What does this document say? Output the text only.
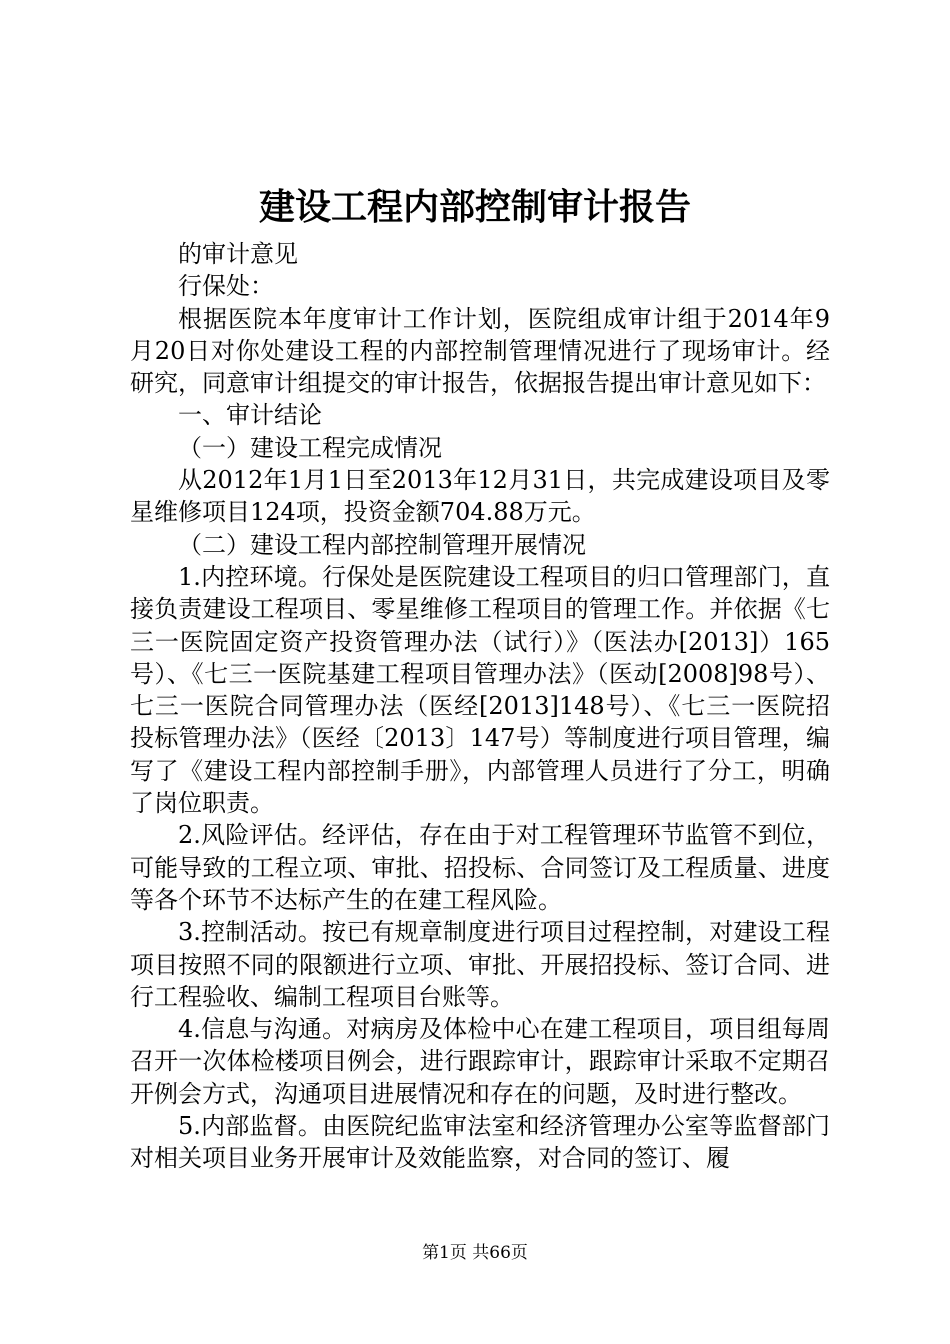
建设工程内部控制审计报告

的审计意见

行保处：

根据医院本年度审计工作计划，医院组成审计组于2014年9月20日对你处建设工程的内部控制管理情况进行了现场审计。经研究，同意审计组提交的审计报告，依据报告提出审计意见如下：

一、审计结论

（一）建设工程完成情况

从2012年1月1日至2013年12月31日，共完成建设项目及零星维修项目124项，投资金额704.88万元。

（二）建设工程内部控制管理开展情况

1.内控环境。行保处是医院建设工程项目的归口管理部门，直接负责建设工程项目、零星维修工程项目的管理工作。并依据《七三一医院固定资产投资管理办法（试行）》（医法办[2013]）165号）、《七三一医院基建工程项目管理办法》（医动[2008]98号）、七三一医院合同管理办法（医经[2013]148号）、《七三一医院招投标管理办法》（医经〔2013〕147号）等制度进行项目管理，编写了《建设工程内部控制手册》，内部管理人员进行了分工，明确了岗位职责。

2.风险评估。经评估，存在由于对工程管理环节监管不到位，可能导致的工程立项、审批、招投标、合同签订及工程质量、进度等各个环节不达标产生的在建工程风险。

3.控制活动。按已有规章制度进行项目过程控制，对建设工程项目按照不同的限额进行立项、审批、开展招投标、签订合同、进行工程验收、编制工程项目台账等。

4.信息与沟通。对病房及体检中心在建工程项目，项目组每周召开一次体检楼项目例会，进行跟踪审计，跟踪审计采取不定期召开例会方式，沟通项目进展情况和存在的问题，及时进行整改。

5.内部监督。由医院纪监审法室和经济管理办公室等监督部门对相关项目业务开展审计及效能监察，对合同的签订、履

第1页 共66页
